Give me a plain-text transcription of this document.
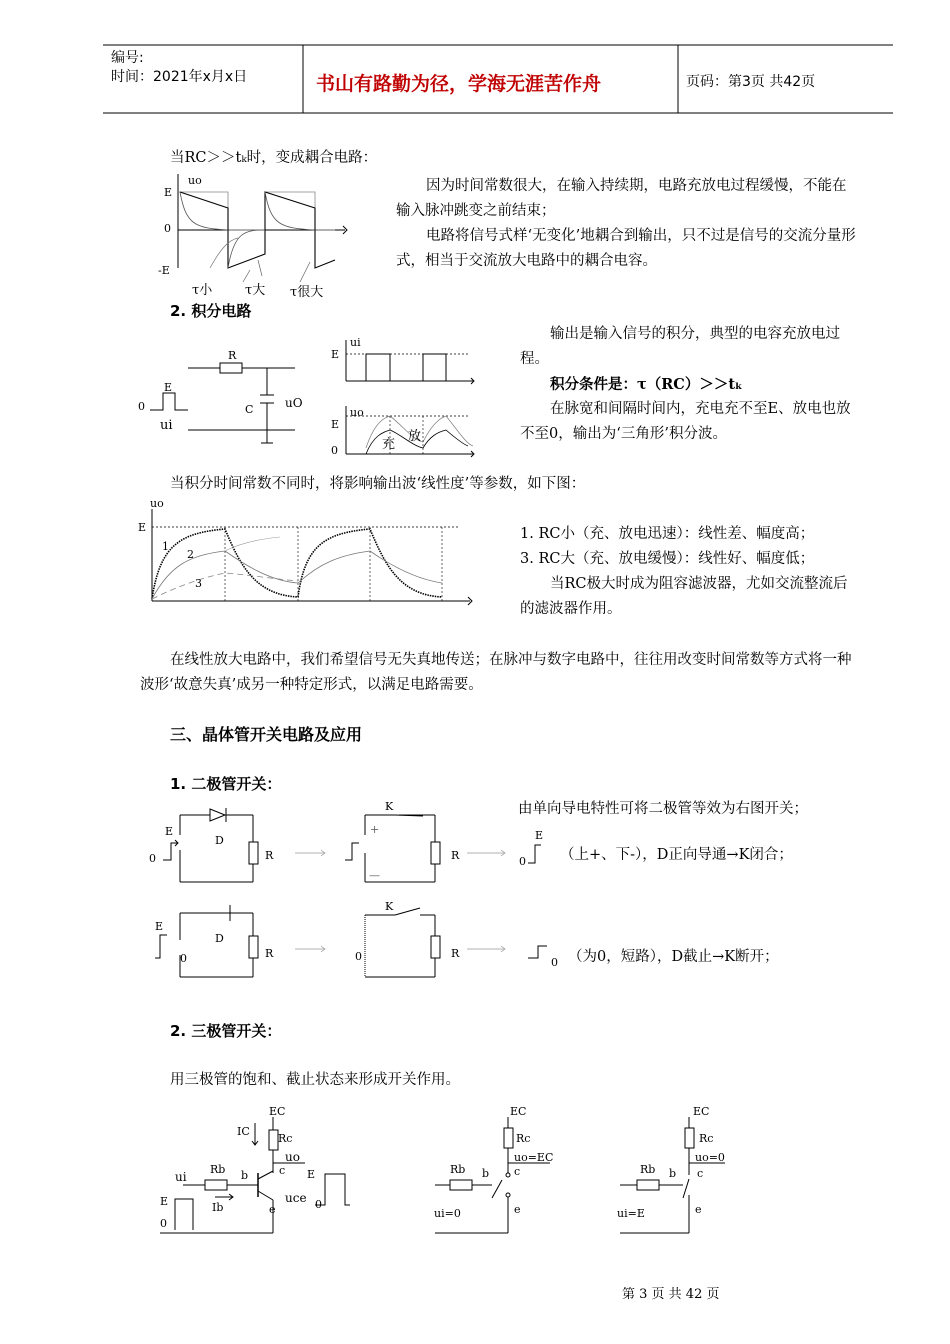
编号:
时间：2021年x月x日	书山有路勤为径，学海无涯苦作舟	页码：第3页 共42页
当RC＞＞tₖ时，变成耦合电路：
uo
E
0
-E
τ小	τ大 τ很大
因为时间常数很大，在输入持续期，电路充放电过程缓慢，不能在输入脉冲跳变之前结束；
电路将信号式样‘无变化’地耦合到输出，只不过是信号的交流分量形式，相当于交流放大电路中的耦合电容。
2. 积分电路
R
C
E
0
ui
uO
ui
E
uo
E
0	充
放
输出是输入信号的积分，典型的电容充放电过程。
积分条件是：τ（RC）＞＞tₖ
在脉宽和间隔时间内，充电充不至E、放电也放不至0，输出为‘三角形’积分波。
当积分时间常数不同时，将影响输出波‘线性度’等参数，如下图：
uo
E
1
2
3
1. RC小（充、放电迅速）：线性差、幅度高；
3. RC大（充、放电缓慢）：线性好、幅度低；
当RC极大时成为阻容滤波器，尤如交流整流后的滤波器作用。
在线性放大电路中，我们希望信号无失真地传送；在脉冲与数字电路中，往往用改变时间常数等方式将一种波形‘故意失真’成另一种特定形式，以满足电路需要。
三、晶体管开关电路及应用
1. 二极管开关：
由单向导电特性可将二极管等效为右图开关；
E
D
R
0
K
+
—
R
E
0 （上+、下-），D正向导通→K闭合；
E
D
R
0
K
0	R
0 （为0，短路），D截止→K断开；
2. 三极管开关：
用三极管的饱和、截止状态来形成开关作用。
EC
Rc
IC
uo
ui
Rb b	c
e
Ib
uce
E
0
E
0
EC
Rc
Rb b c
e
uo=EC
ui=0
EC
Rc
Rb b c
e
uo=0
ui=E
第 3 页 共 42 页
